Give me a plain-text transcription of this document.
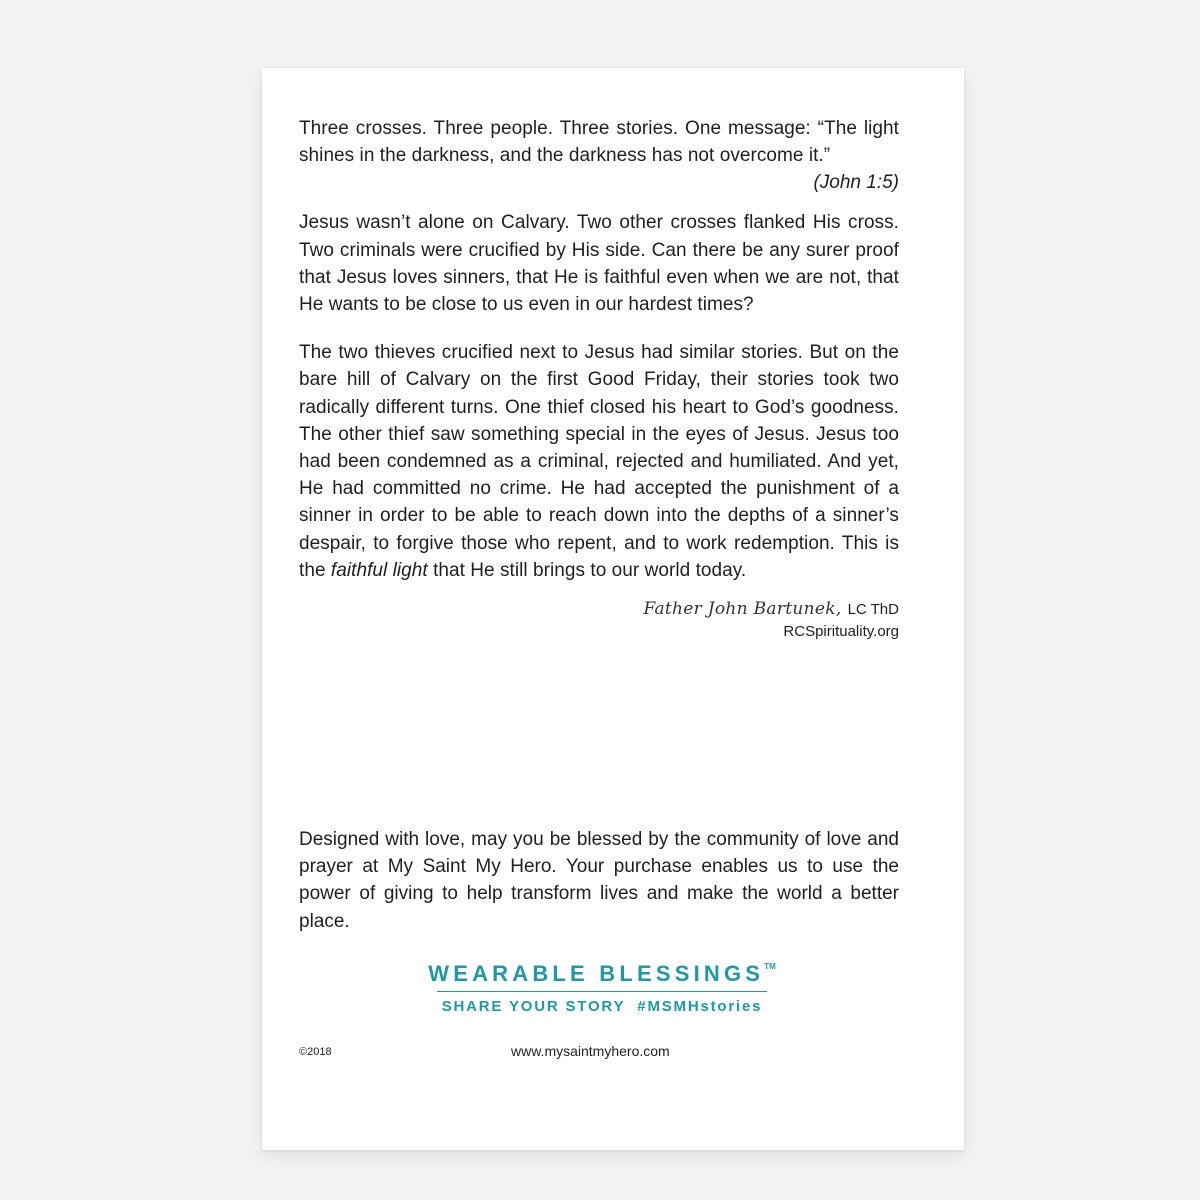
Three crosses. Three people. Three stories. One message: “The light shines in the darkness, and the darkness has not overcome it.”

(John 1:5)

Jesus wasn’t alone on Calvary. Two other crosses flanked His cross. Two criminals were crucified by His side. Can there be any surer proof that Jesus loves sinners, that He is faithful even when we are not, that He wants to be close to us even in our hardest times?

The two thieves crucified next to Jesus had similar stories. But on the bare hill of Calvary on the first Good Friday, their stories took two radically different turns. One thief closed his heart to God’s goodness. The other thief saw something special in the eyes of Jesus. Jesus too had been condemned as a criminal, rejected and humiliated. And yet, He had committed no crime. He had accepted the punishment of a sinner in order to be able to reach down into the depths of a sinner’s despair, to forgive those who repent, and to work redemption. This is the faithful light that He still brings to our world today.

Father John Bartunek, LC ThD
RCSpirituality.org

Designed with love, may you be blessed by the community of love and prayer at My Saint My Hero. Your purchase enables us to use the power of giving to help transform lives and make the world a better place.

WEARABLE BLESSINGS™
SHARE YOUR STORY #MSMHstories
©2018	www.mysaintmyhero.com
